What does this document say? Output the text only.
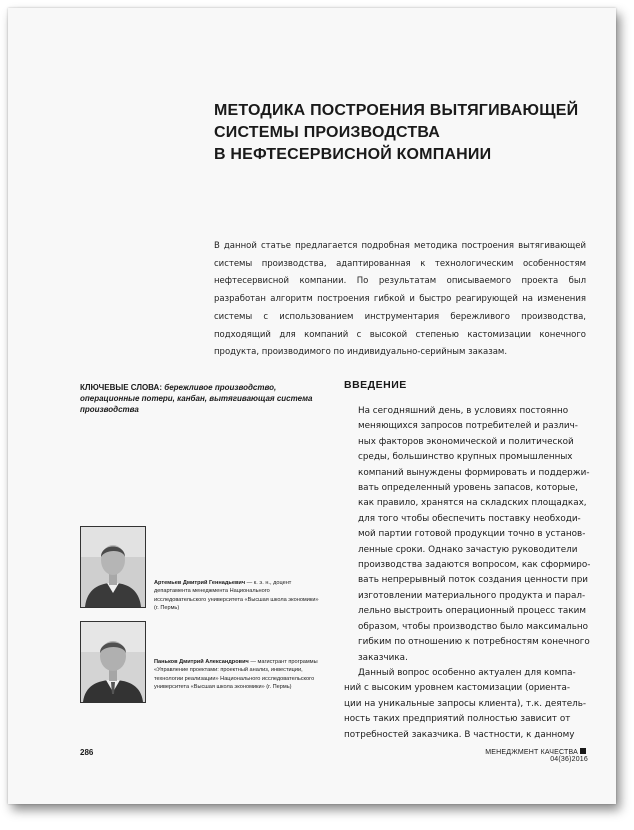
МЕТОДИКА ПОСТРОЕНИЯ ВЫТЯГИВАЮЩЕЙ
СИСТЕМЫ ПРОИЗВОДСТВА
В НЕФТЕСЕРВИСНОЙ КОМПАНИИ

В данной статье предлагается подробная методика построения вытягивающей системы производства, адаптированная к технологическим особенностям нефтесервисной компании. По результатам описываемого проекта был разработан алгоритм построения гибкой и быстро реагирующей на изменения системы с использованием инструментария бережливого производства, подходящий для компаний с высокой степенью кастомизации конечного продукта, производимого по индивидуально-серийным заказам.

КЛЮЧЕВЫЕ СЛОВА: бережливое производство, операционные потери, канбан, вытягивающая система производства

ВВЕДЕНИЕ

На сегодняшний день, в условиях постоянно
меняющихся запросов потребителей и различ-
ных факторов экономической и политической
среды, большинство крупных промышленных
компаний вынуждены формировать и поддержи-
вать определенный уровень запасов, которые,
как правило, хранятся на складских площадках,
для того чтобы обеспечить поставку необходи-
мой партии готовой продукции точно в установ-
ленные сроки. Однако зачастую руководители
производства задаются вопросом, как сформиро-
вать непрерывный поток создания ценности при
изготовлении материального продукта и парал-
лельно выстроить операционный процесс таким
образом, чтобы производство было максимально
гибким по отношению к потребностям конечного
заказчика.

Данный вопрос особенно актуален для компа-
ний с высоким уровнем кастомизации (ориента-
ции на уникальные запросы клиента), т.к. деятель-
ность таких предприятий полностью зависит от
потребностей заказчика. В частности, к данному

Артемьев Дмитрий Геннадьевич — к. э. н., доцент департамента менеджмента Национального исследовательского университета «Высшая школа экономики» (г. Пермь)

Паньков Дмитрий Александрович — магистрант программы «Управление проектами: проектный анализ, инвестиции, технологии реализации» Национального исследовательского университета «Высшая школа экономики» (г. Пермь)

286	МЕНЕДЖМЕНТ КАЧЕСТВА04(36)2016
